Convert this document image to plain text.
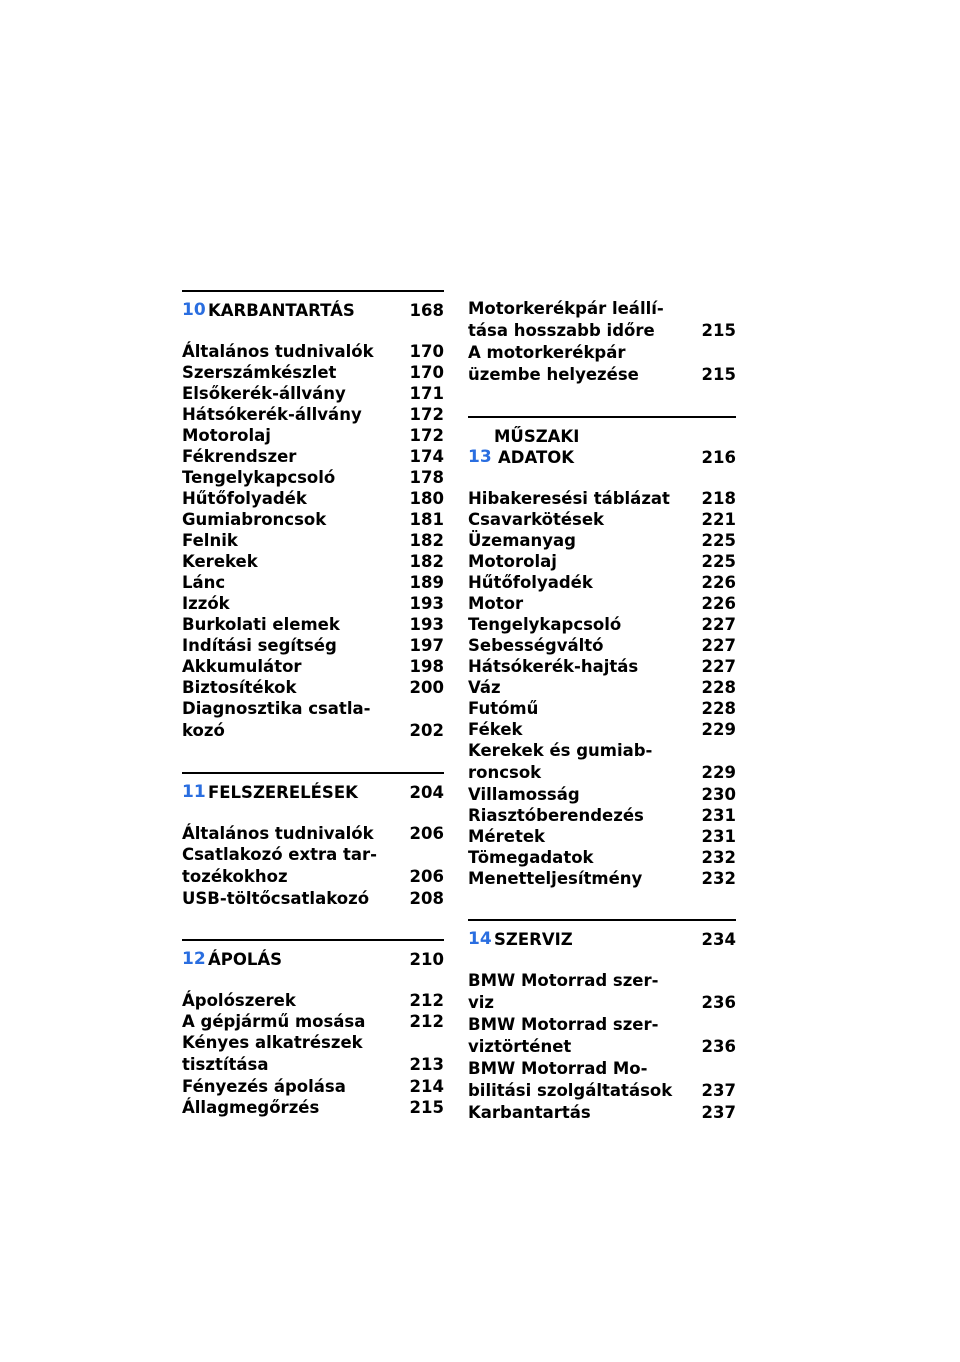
10 KARBANTARTÁS	168
Általános tudnivalók	170
Szerszámkészlet	170
Elsőkerék-állvány	171
Hátsókerék-állvány	172
Motorolaj	172
Fékrendszer	174
Tengelykapcsoló	178
Hűtőfolyadék	180
Gumiabroncsok	181
Felnik	182
Kerekek	182
Lánc	189
Izzók	193
Burkolati elemek	193
Indítási segítség	197
Akkumulátor	198
Biztosítékok	200
Diagnosztika csatla-
kozó	202
11 FELSZERELÉSEK	204
Általános tudnivalók	206
Csatlakozó extra tar-
tozékokhoz	206
USB-töltőcsatlakozó	208
12 ÁPOLÁS	210
Ápolószerek	212
A gépjármű mosása	212
Kényes alkatrészek
tisztítása	213
Fényezés ápolása	214
Állagmegőrzés	215
Motorkerékpár leállí-
tása hosszabb időre	215
A motorkerékpár
üzembe helyezése	215
13
MŰSZAKI
ADATOK	216
Hibakeresési táblázat	218
Csavarkötések	221
Üzemanyag	225
Motorolaj	225
Hűtőfolyadék	226
Motor	226
Tengelykapcsoló	227
Sebességváltó	227
Hátsókerék-hajtás	227
Váz	228
Futómű	228
Fékek	229
Kerekek és gumiab-
roncsok	229
Villamosság	230
Riasztóberendezés	231
Méretek	231
Tömegadatok	232
Menetteljesítmény	232
14 SZERVIZ	234
BMW Motorrad szer-
viz	236
BMW Motorrad szer-
viztörténet	236
BMW Motorrad Mo-
bilitási szolgáltatások	237
Karbantartás	237
